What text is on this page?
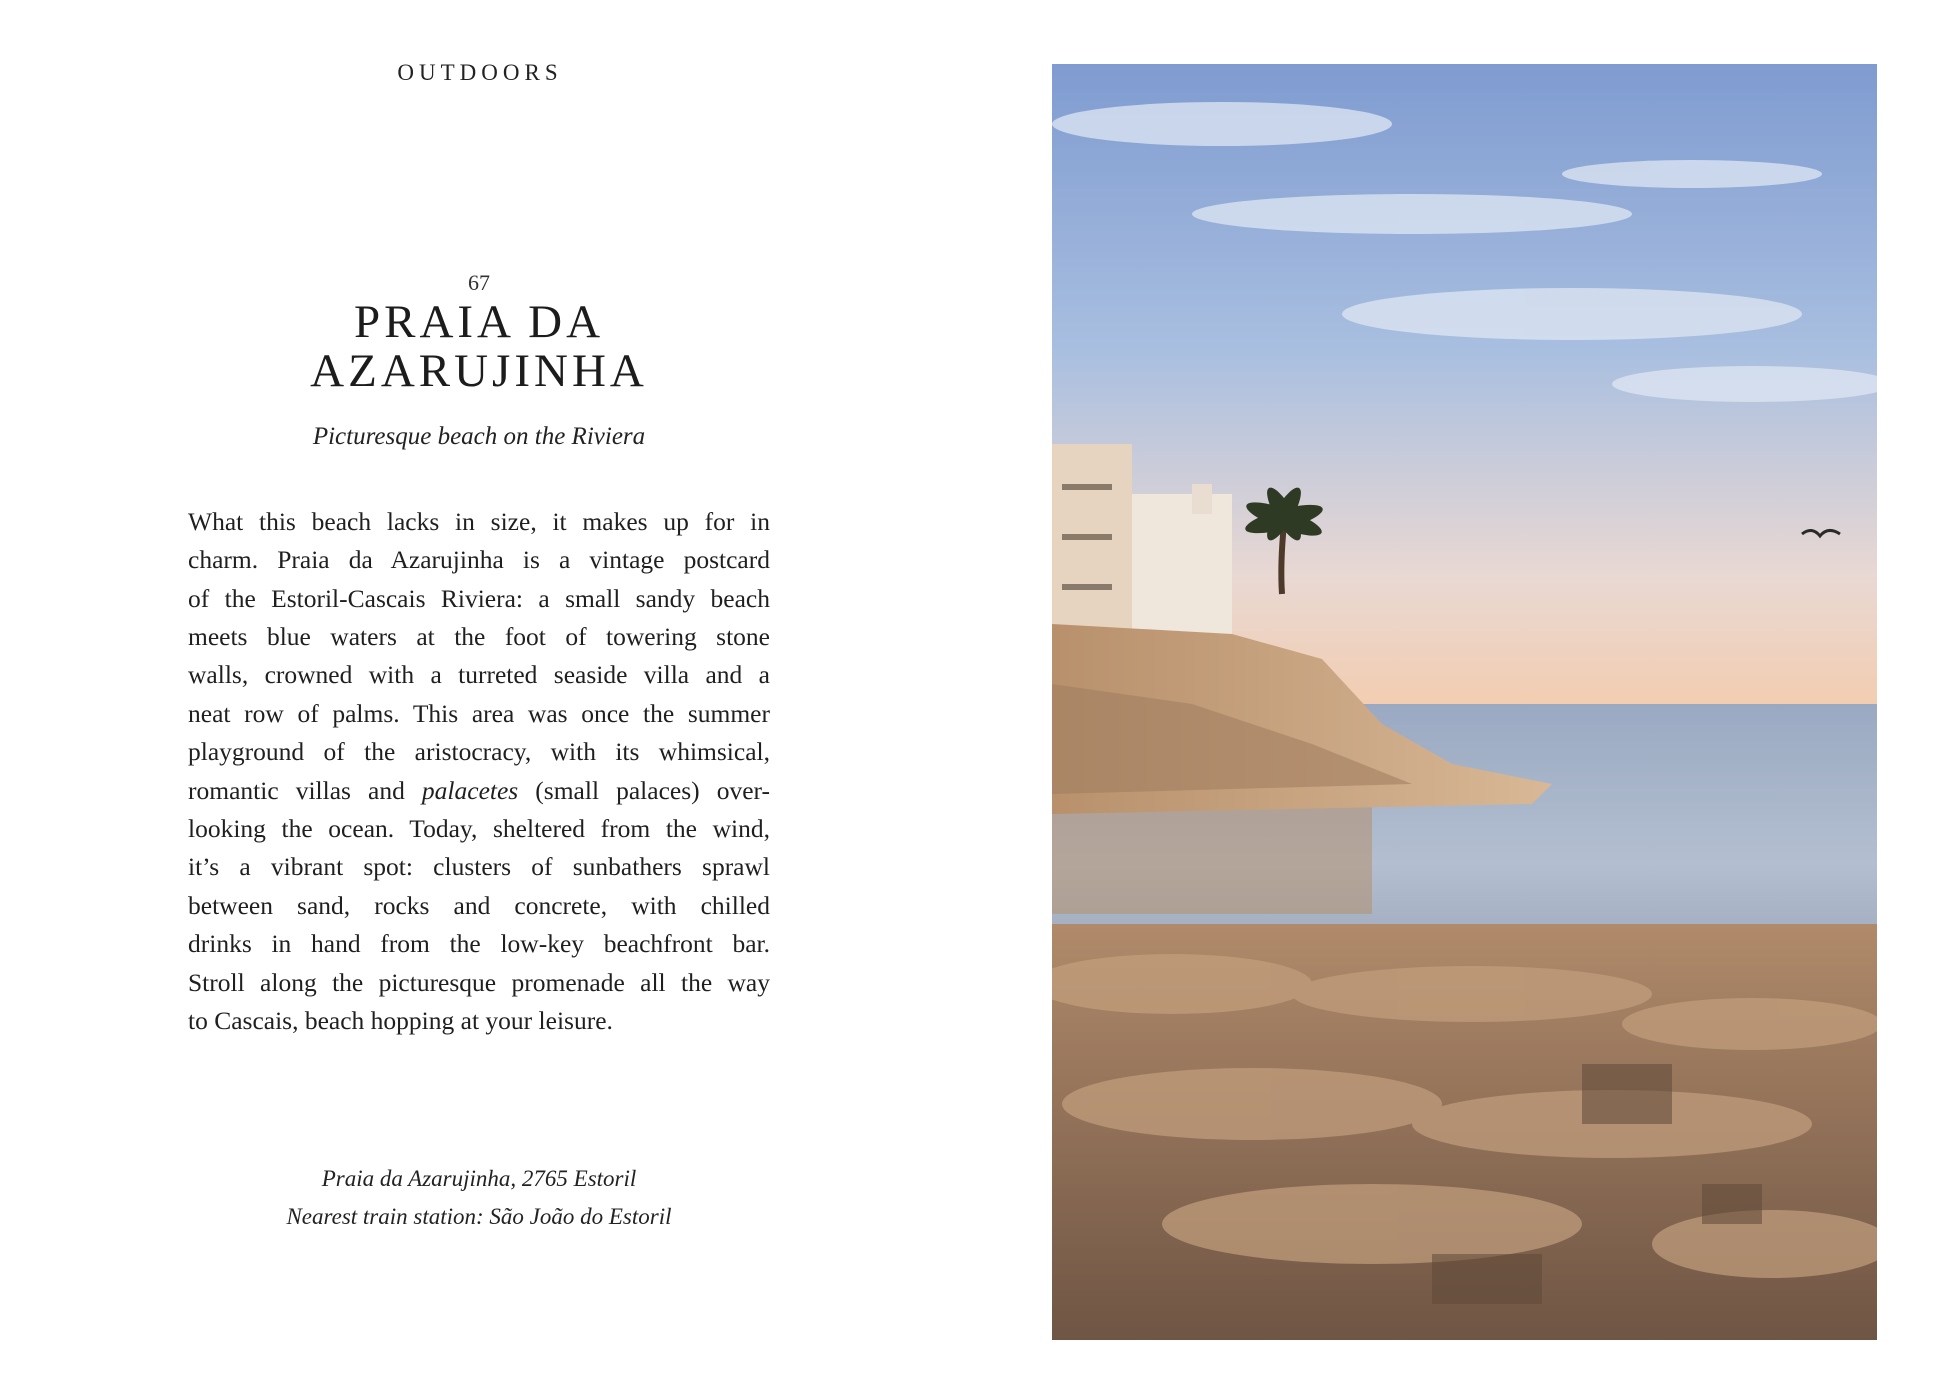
OUTDOORS
67
PRAIA DA AZARUJINHA

Picturesque beach on the Riviera

What this beach lacks in size, it makes up for in
charm. Praia da Azarujinha is a vintage postcard
of the Estoril-Cascais Riviera: a small sandy beach
meets blue waters at the foot of towering stone
walls, crowned with a turreted seaside villa and a
neat row of palms. This area was once the summer
playground of the aristocracy, with its whimsical,
romantic villas and palacetes (small palaces) over-
looking the ocean. Today, sheltered from the wind,
it’s a vibrant spot: clusters of sunbathers sprawl
between sand, rocks and concrete, with chilled
drinks in hand from the low-key beachfront bar.
Stroll along the picturesque promenade all the way
to Cascais, beach hopping at your leisure.
Praia da Azarujinha, 2765 Estoril
Nearest train station: São João do Estoril
